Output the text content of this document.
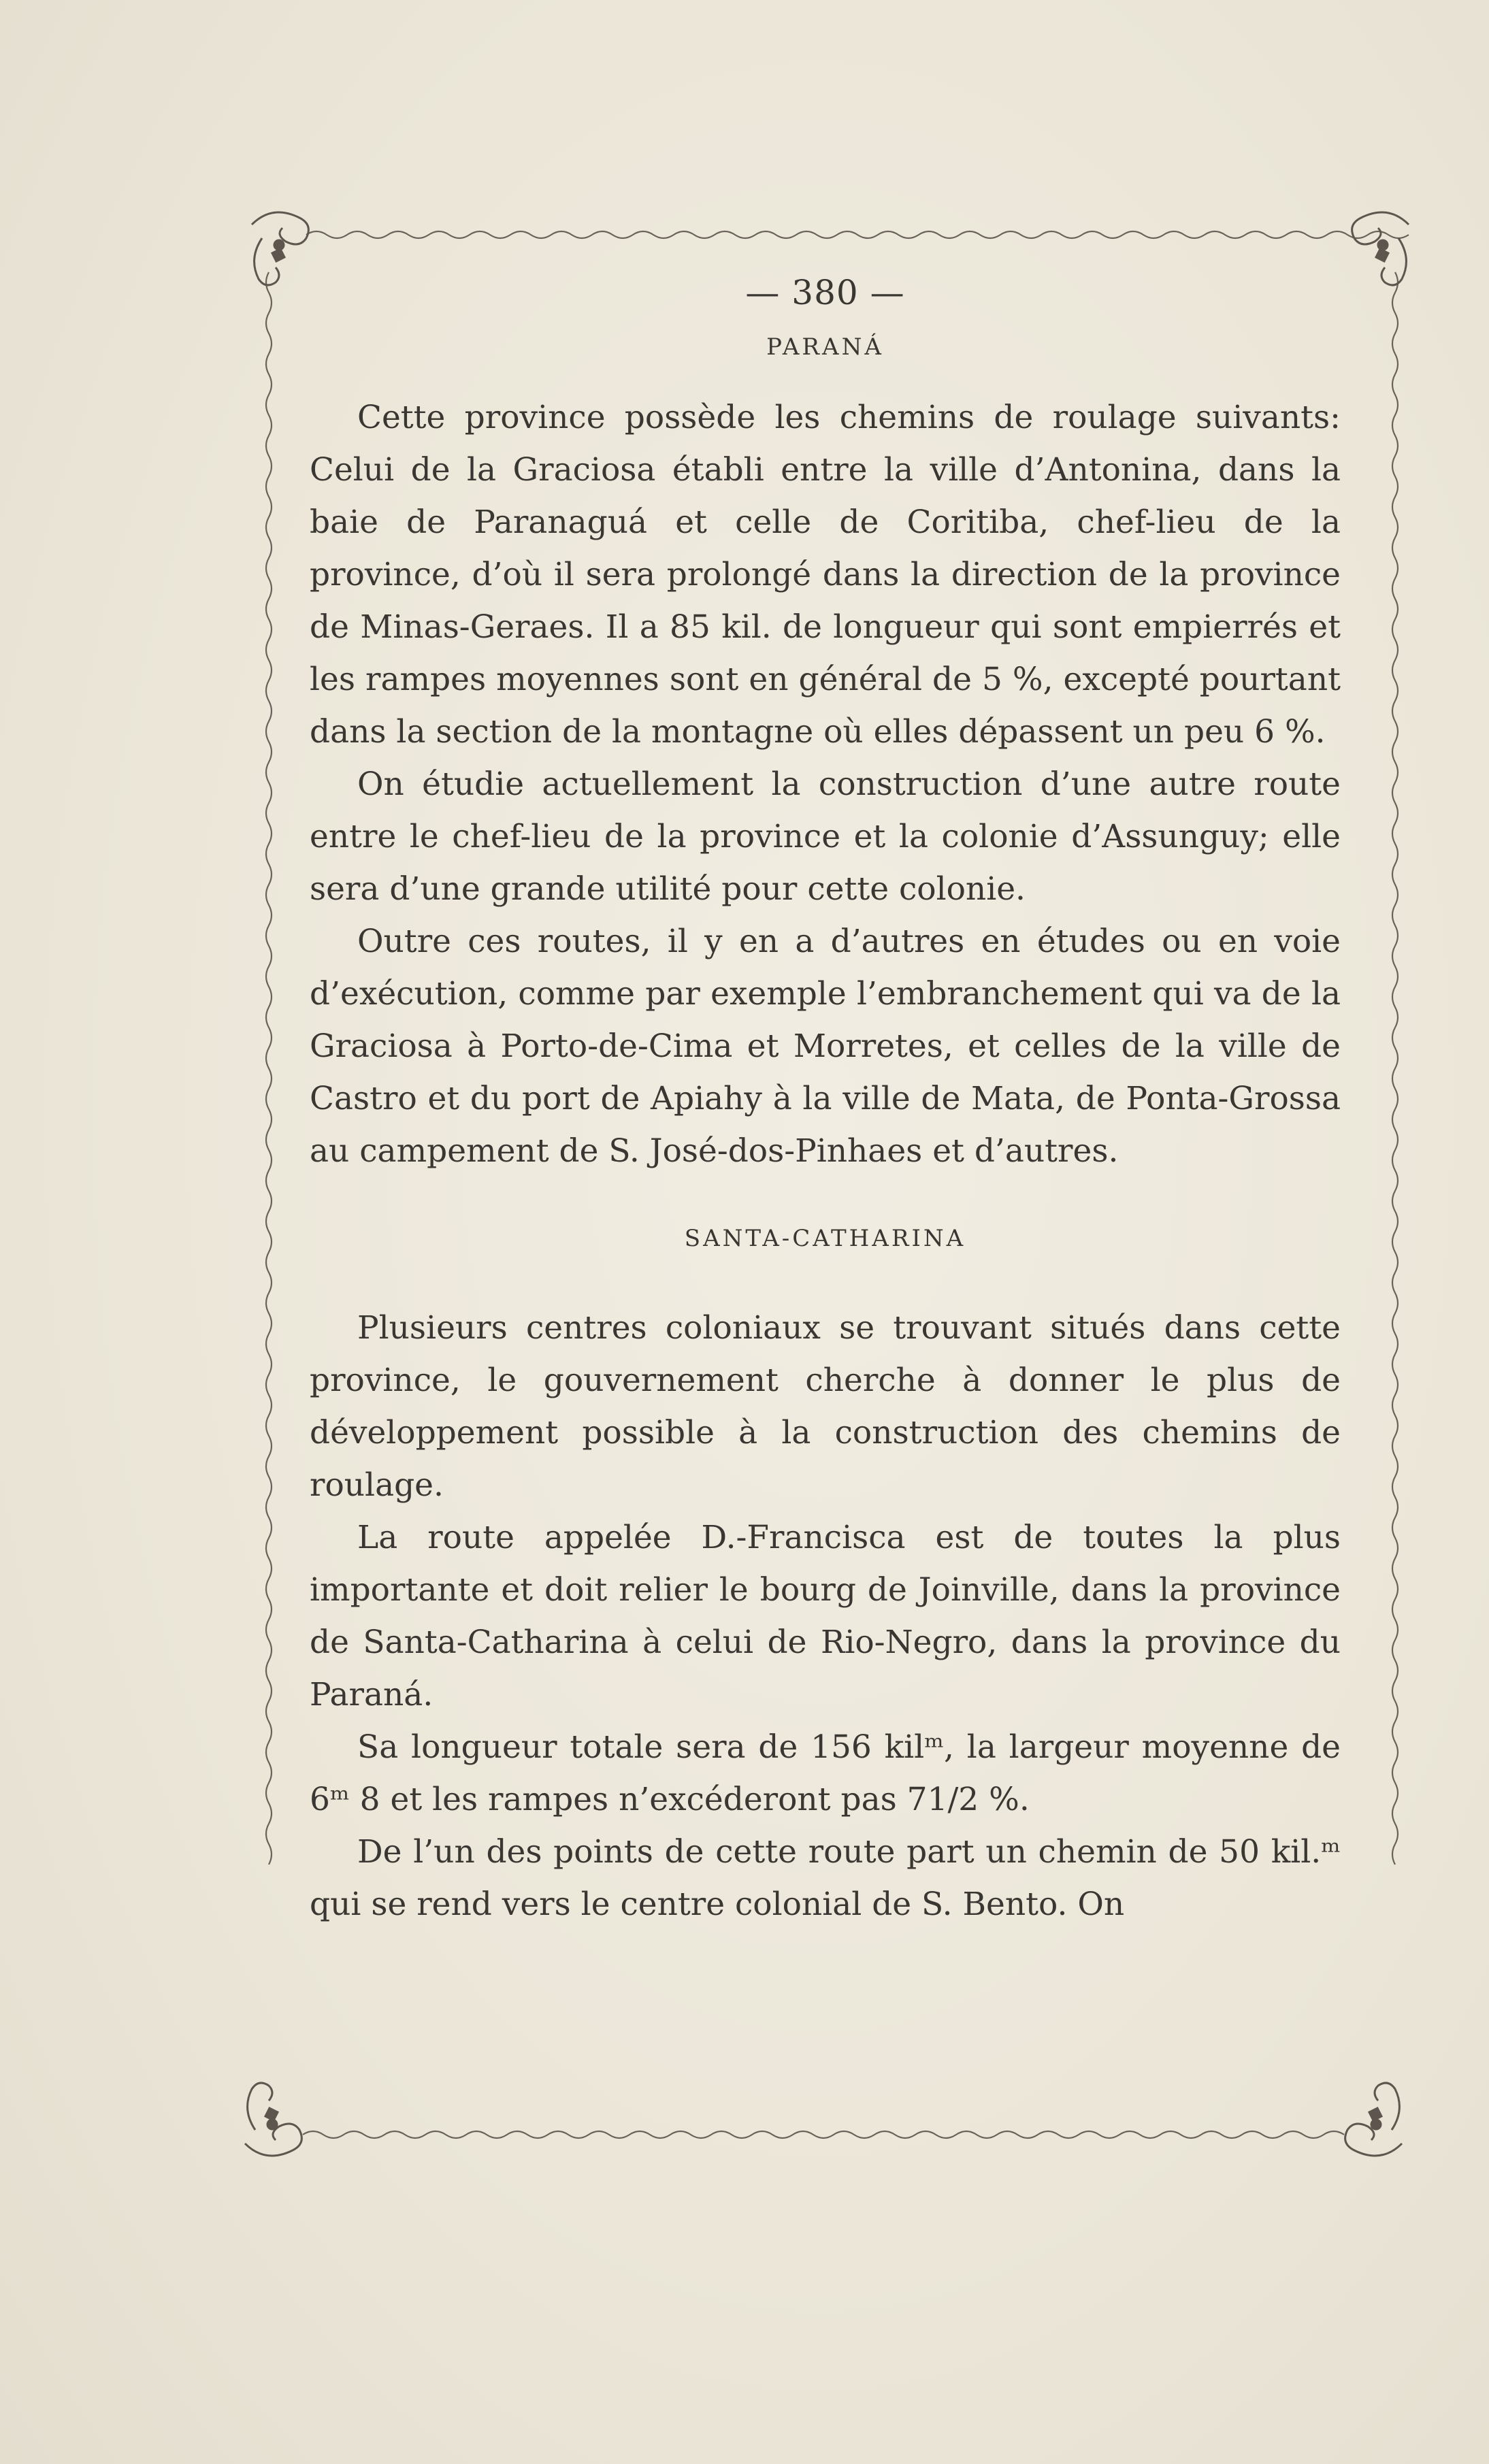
— 380 —
PARANÁ

Cette province possède les chemins de roulage suivants: Celui de la Graciosa établi entre la ville d’Antonina, dans la baie de Paranaguá et celle de Coritiba, chef-lieu de la province, d’où il sera prolongé dans la direction de la province de Minas-Geraes. Il a 85 kil. de longueur qui sont empierrés et les rampes moyennes sont en général de 5 %, excepté pourtant dans la section de la montagne où elles dépassent un peu 6 %.

On étudie actuellement la construction d’une autre route entre le chef-lieu de la province et la colonie d’Assunguy; elle sera d’une grande utilité pour cette colonie.

Outre ces routes, il y en a d’autres en études ou en voie d’exécution, comme par exemple l’embranchement qui va de la Graciosa à Porto-de-Cima et Morretes, et celles de la ville de Castro et du port de Apiahy à la ville de Mata, de Ponta-Grossa au campement de S. José-dos-Pinhaes et d’autres.

SANTA-CATHARINA

Plusieurs centres coloniaux se trouvant situés dans cette province, le gouvernement cherche à donner le plus de développement possible à la construction des chemins de roulage.

La route appelée D.-Francisca est de toutes la plus importante et doit relier le bourg de Joinville, dans la province de Santa-Catharina à celui de Rio-Negro, dans la province du Paraná.

Sa longueur totale sera de 156 kilᵐ, la largeur moyenne de 6ᵐ 8 et les rampes n’excéderont pas 71/2 %.

De l’un des points de cette route part un chemin de 50 kil.ᵐ qui se rend vers le centre colonial de S. Bento. On
